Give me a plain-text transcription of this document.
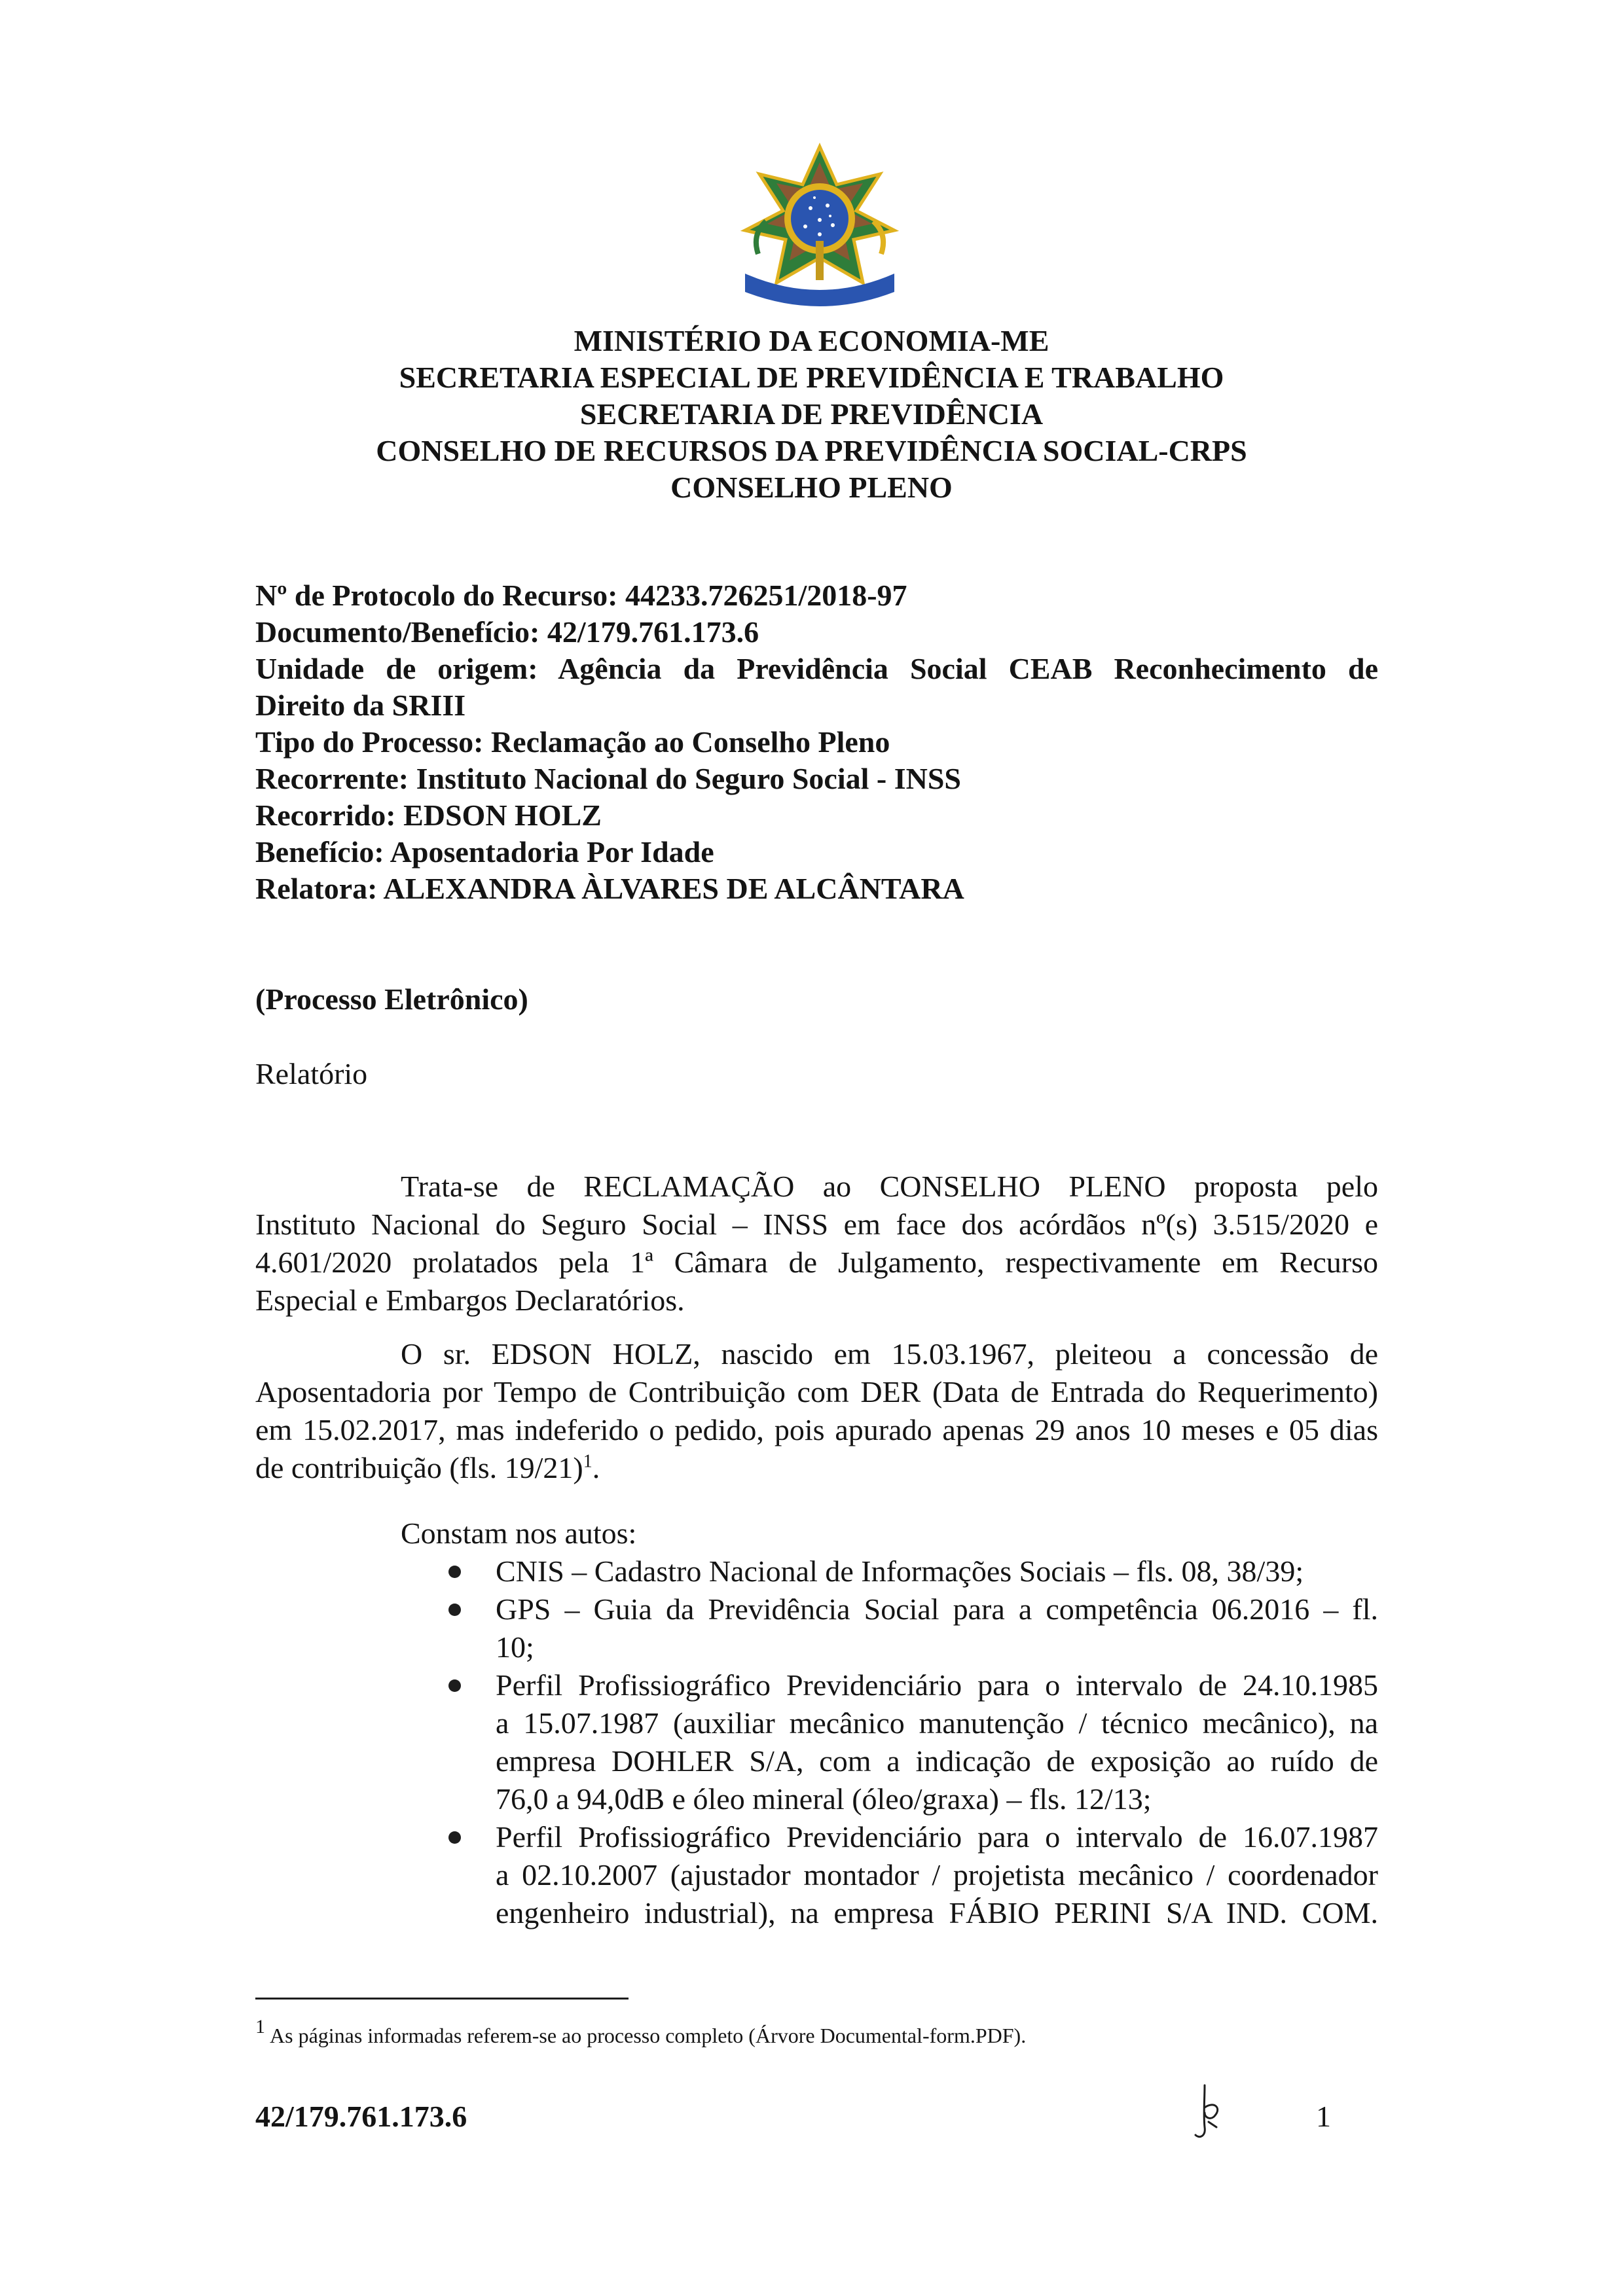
MINISTÉRIO DA ECONOMIA-ME
SECRETARIA ESPECIAL DE PREVIDÊNCIA E TRABALHO
SECRETARIA DE PREVIDÊNCIA
CONSELHO DE RECURSOS DA PREVIDÊNCIA SOCIAL-CRPS
CONSELHO PLENO
Nº de Protocolo do Recurso: 44233.726251/2018-97
Documento/Benefício: 42/179.761.173.6
Unidade de origem: Agência da Previdência Social CEAB Reconhecimento de
Direito da SRIII
Tipo do Processo: Reclamação ao Conselho Pleno
Recorrente: Instituto Nacional do Seguro Social - INSS
Recorrido: EDSON HOLZ
Benefício: Aposentadoria Por Idade
Relatora: ALEXANDRA ÀLVARES DE ALCÂNTARA
(Processo Eletrônico)
Relatório
Trata-se de RECLAMAÇÃO ao CONSELHO PLENO proposta pelo
Instituto Nacional do Seguro Social – INSS em face dos acórdãos nº(s) 3.515/2020 e
4.601/2020 prolatados pela 1ª Câmara de Julgamento, respectivamente em Recurso
Especial e Embargos Declaratórios.
O sr. EDSON HOLZ, nascido em 15.03.1967, pleiteou a concessão de
Aposentadoria por Tempo de Contribuição com DER (Data de Entrada do Requerimento)
em 15.02.2017, mas indeferido o pedido, pois apurado apenas 29 anos 10 meses e 05 dias
de contribuição (fls. 19/21)$^1$.
Constam nos autos:
CNIS – Cadastro Nacional de Informações Sociais – fls. 08, 38/39;
GPS – Guia da Previdência Social para a competência 06.2016 – fl.
10;
Perfil Profissiográfico Previdenciário para o intervalo de 24.10.1985
a 15.07.1987 (auxiliar mecânico manutenção / técnico mecânico), na
empresa DOHLER S/A, com a indicação de exposição ao ruído de
76,0 a 94,0dB e óleo mineral (óleo/graxa) – fls. 12/13;
Perfil Profissiográfico Previdenciário para o intervalo de 16.07.1987
a 02.10.2007 (ajustador montador / projetista mecânico / coordenador
engenheiro industrial), na empresa FÁBIO PERINI S/A IND. COM.
1 As páginas informadas referem-se ao processo completo (Árvore Documental-form.PDF).
42/179.761.173.6	1
